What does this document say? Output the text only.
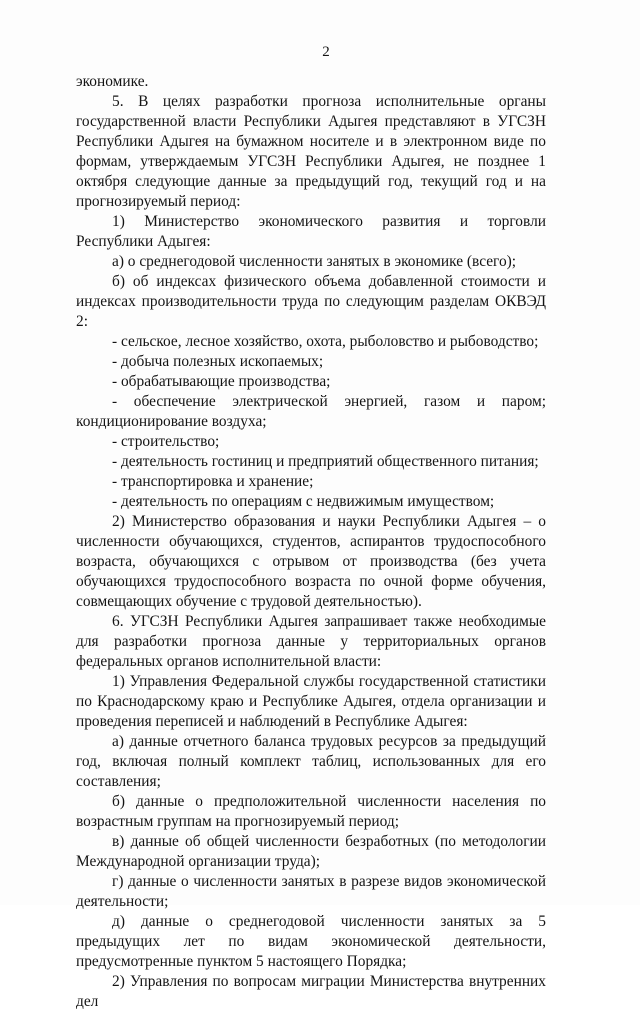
2

экономике.

5. В целях разработки прогноза исполнительные органы государственной власти Республики Адыгея представляют в УГСЗН Республики Адыгея на бумажном носителе и в электронном виде по формам, утверждаемым УГСЗН Республики Адыгея, не позднее 1 октября следующие данные за предыдущий год, текущий год и на прогнозируемый период:

1) Министерство экономического развития и торговли Республики Адыгея:

а) о среднегодовой численности занятых в экономике (всего);

б) об индексах физического объема добавленной стоимости и индексах производительности труда по следующим разделам ОКВЭД 2:

- сельское, лесное хозяйство, охота, рыболовство и рыбоводство;

- добыча полезных ископаемых;

- обрабатывающие производства;

- обеспечение электрической энергией, газом и паром; кондиционирование воздуха;

- строительство;

- деятельность гостиниц и предприятий общественного питания;

- транспортировка и хранение;

- деятельность по операциям с недвижимым имуществом;

2) Министерство образования и науки Республики Адыгея – о численности обучающихся, студентов, аспирантов трудоспособного возраста, обучающихся с отрывом от производства (без учета обучающихся трудоспособного возраста по очной форме обучения, совмещающих обучение с трудовой деятельностью).

6. УГСЗН Республики Адыгея запрашивает также необходимые для разработки прогноза данные у территориальных органов федеральных органов исполнительной власти:

1) Управления Федеральной службы государственной статистики по Краснодарскому краю и Республике Адыгея, отдела организации и проведения переписей и наблюдений в Республике Адыгея:

а) данные отчетного баланса трудовых ресурсов за предыдущий год, включая полный комплект таблиц, использованных для его составления;

б) данные о предположительной численности населения по возрастным группам на прогнозируемый период;

в) данные об общей численности безработных (по методологии Международной организации труда);

г) данные о численности занятых в разрезе видов экономической деятельности;

д) данные о среднегодовой численности занятых за 5 предыдущих лет по видам экономической деятельности, предусмотренные пунктом 5 настоящего Порядка;

2) Управления по вопросам миграции Министерства внутренних дел
